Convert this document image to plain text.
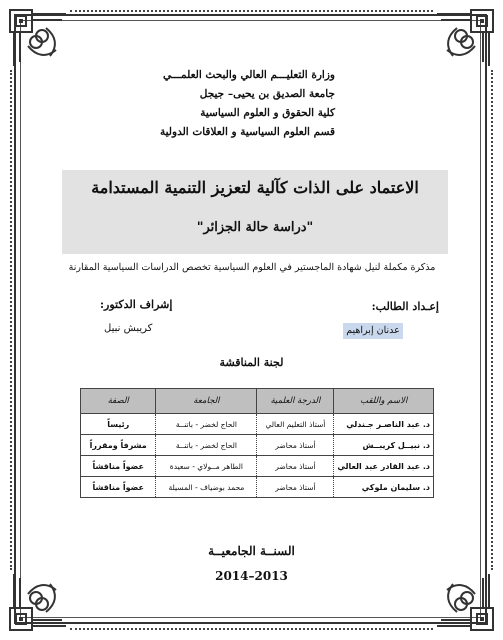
وزارة التعليـــم العالي والبحث العلمـــي
جامعة الصديق بن يحيى– جيجل
كلية الحقوق و العلوم السياسية
قسم العلوم السياسية و العلاقات الدولية
الاعتماد على الذات كآلية لتعزيز التنمية المستدامة
"دراسة حالة الجزائر"
مذكرة مكملة لنيل شهادة الماجستير في العلوم السياسية تخصص الدراسات السياسية المقارنة
إعـداد الطالب:
إشراف الدكتور:
عدنان إبراهيم
كريبش نبيل
لجنة المناقشة
الاسم واللقب	الدرجة العلمية	الجامعة	الصفة
د. عبد الناصـر جـندلي	أستاذ التعليم العالي	الحاج لخضر - باتنــة	رئيساً
د. نبيــل كريبــش	أستاذ محاضر	الحاج لخضر - باتنــة	مشرفاً ومقرراً
د. عبد القادر عبد العالي	أستاذ محاضر	الطاهر مــولاي - سعيدة	عضواً مناقشاً
د. سليمان ملوكي	أستاذ محاضر	محمد بوضياف - المسيلة	عضواً مناقشاً
السنــة الجامعيــة
2014–2013
